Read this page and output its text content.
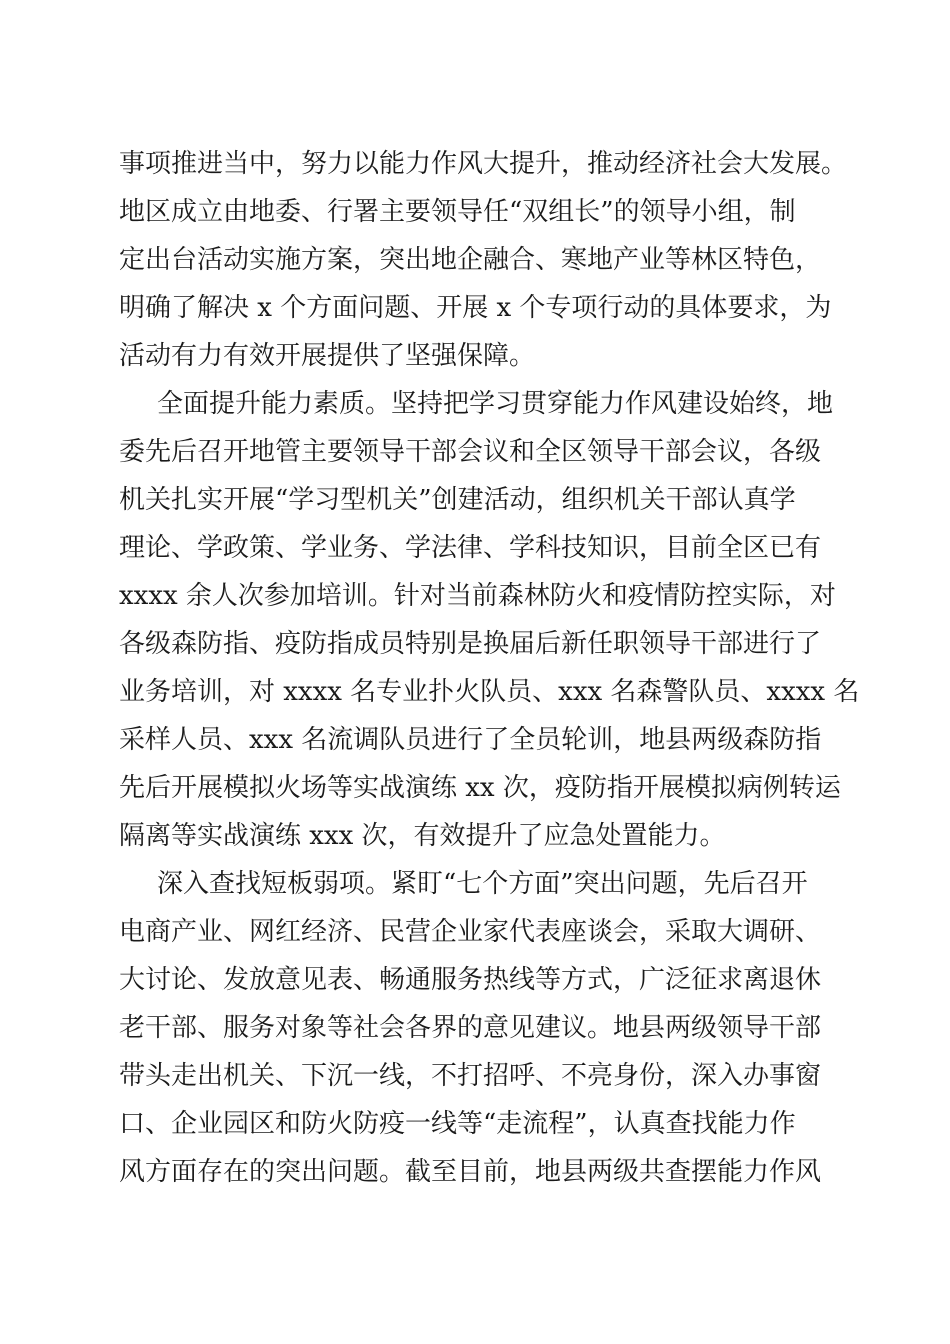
事项推进当中，努力以能力作风大提升，推动经济社会大发展。
地区成立由地委、行署主要领导任“双组长”的领导小组，制
定出台活动实施方案，突出地企融合、寒地产业等林区特色，
明确了解决 x 个方面问题、开展 x 个专项行动的具体要求，为
活动有力有效开展提供了坚强保障。
全面提升能力素质。坚持把学习贯穿能力作风建设始终，地
委先后召开地管主要领导干部会议和全区领导干部会议，各级
机关扎实开展“学习型机关”创建活动，组织机关干部认真学
理论、学政策、学业务、学法律、学科技知识，目前全区已有
xxxx 余人次参加培训。针对当前森林防火和疫情防控实际，对
各级森防指、疫防指成员特别是换届后新任职领导干部进行了
业务培训，对 xxxx 名专业扑火队员、xxx 名森警队员、xxxx 名
采样人员、xxx 名流调队员进行了全员轮训，地县两级森防指
先后开展模拟火场等实战演练 xx 次，疫防指开展模拟病例转运
隔离等实战演练 xxx 次，有效提升了应急处置能力。
深入查找短板弱项。紧盯“七个方面”突出问题，先后召开
电商产业、网红经济、民营企业家代表座谈会，采取大调研、
大讨论、发放意见表、畅通服务热线等方式，广泛征求离退休
老干部、服务对象等社会各界的意见建议。地县两级领导干部
带头走出机关、下沉一线，不打招呼、不亮身份，深入办事窗
口、企业园区和防火防疫一线等“走流程”，认真查找能力作
风方面存在的突出问题。截至目前，地县两级共查摆能力作风
